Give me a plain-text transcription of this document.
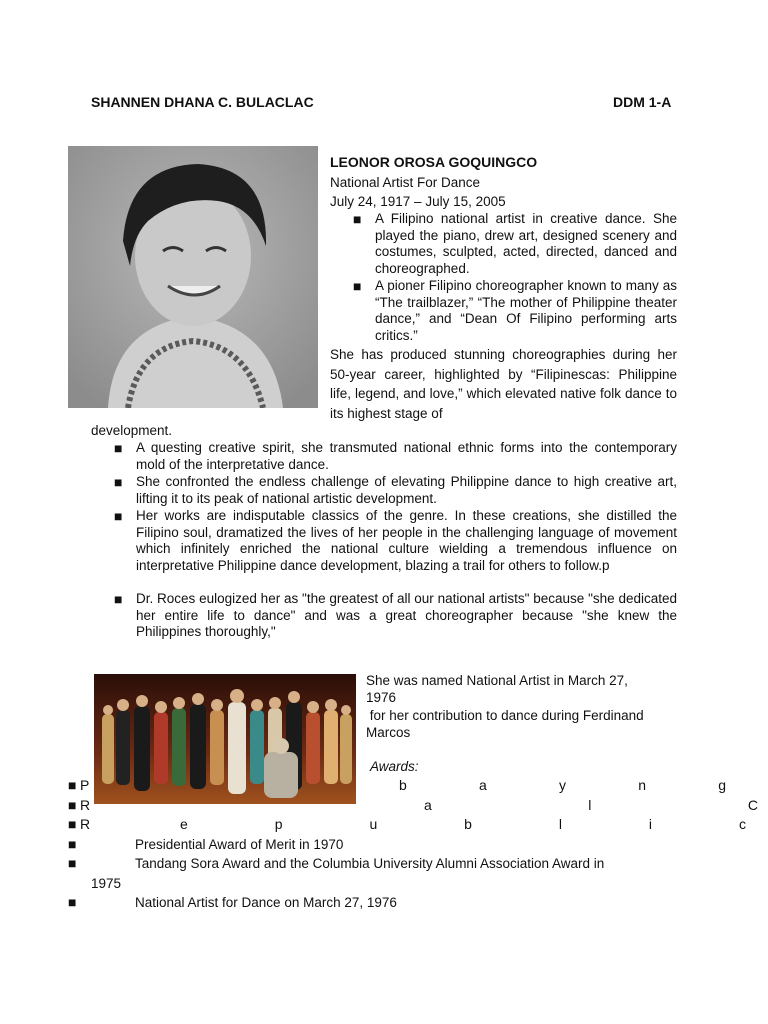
SHANNEN DHANA C. BULACLAC	DDM 1-A
LEONOR OROSA GOQUINGCO
National Artist For Dance
July 24, 1917 – July 15, 2005
■ A Filipino national artist in creative dance. She played the piano, drew art, designed scenery and costumes, sculpted, acted, directed, danced and choreographed.
■ A pioner Filipino choreographer known to many as “The trailblazer,” “The mother of Philippine theater dance,” and “Dean Of Filipino performing arts critics.”
She has produced stunning choreographies during her 50-year career, highlighted by “Filipinescas: Philippine life, legend, and love,” which elevated native folk dance to its highest stage of
development.
■ A questing creative spirit, she transmuted national ethnic forms into the contemporary mold of the interpretative dance.
■ She confronted the endless challenge of elevating Philippine dance to high creative art, lifting it to its peak of national artistic development.
■ Her works are indisputable classics of the genre. In these creations, she distilled the Filipino soul, dramatized the lives of her people in the challenging language of movement which infinitely enriched the national culture wielding a tremendous influence on interpretative Philippine dance development, blazing a trail for others to follow.p
■ Dr. Roces eulogized her as "the greatest of all our national artists" because "she dedicated her entire life to dance" and was a great choreographer because "she knew the Philippines thoroughly,"
She was named National Artist in March 27,
1976
for her contribution to dance during Ferdinand
Marcos
Awards:
■ P	b	a	y	n	g
■ R	a	l	C
■ R	e	p	u	b	l	i	c
■	Presidential Award of Merit in 1970
■	Tandang Sora Award and the Columbia University Alumni Association Award in
1975
■	National Artist for Dance on March 27, 1976
